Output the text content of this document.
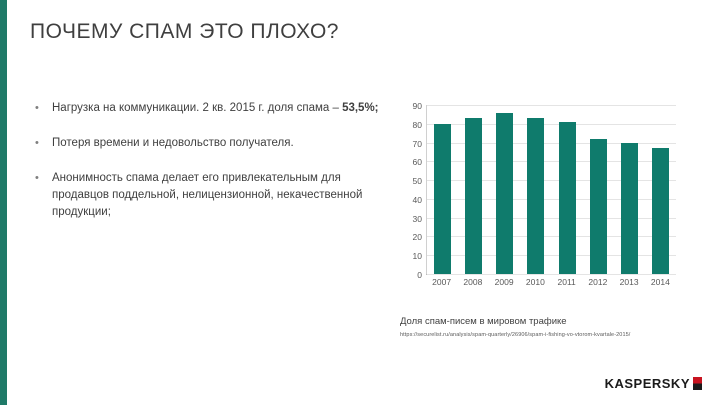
ПОЧЕМУ СПАМ ЭТО ПЛОХО?
•	Нагрузка на коммуникации. 2 кв. 2015 г. доля спама – 53,5%;
•	Потеря времени и недовольство получателя.
•	Анонимность спама делает его привлекательным для продавцов поддельной, нелицензионной, некачественной продукции;
90
80
70
60
50
40
30
20
10
0
2007	2008	2009	2010	2011	2012	2013	2014
Доля спам-писем в мировом трафике
https://securelist.ru/analysis/spam-quarterly/26906/spam-i-fishing-vo-vtorom-kvartale-2015/
KASPERSKY
